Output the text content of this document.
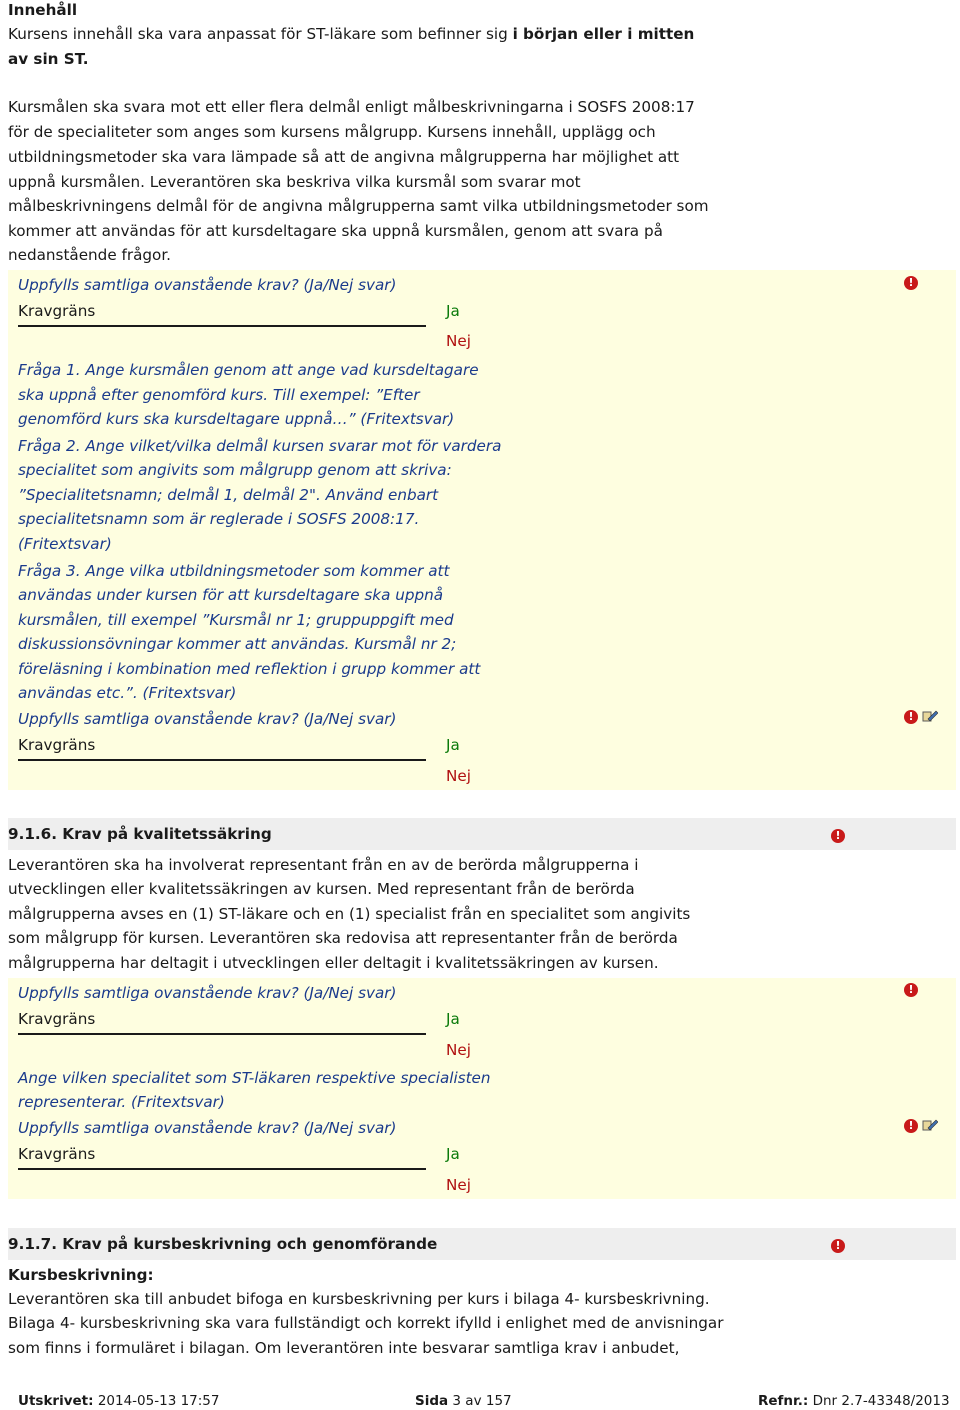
Innehåll
Kursens innehåll ska vara anpassat för ST-läkare som befinner sig i början eller i mitten
av sin ST.
Kursmålen ska svara mot ett eller flera delmål enligt målbeskrivningarna i SOSFS 2008:17
för de specialiteter som anges som kursens målgrupp. Kursens innehåll, upplägg och
utbildningsmetoder ska vara lämpade så att de angivna målgrupperna har möjlighet att
uppnå kursmålen. Leverantören ska beskriva vilka kursmål som svarar mot
målbeskrivningens delmål för de angivna målgrupperna samt vilka utbildningsmetoder som
kommer att användas för att kursdeltagare ska uppnå kursmålen, genom att svara på
nedanstående frågor.
Uppfylls samtliga ovanstående krav? (Ja/Nej svar)	!
Kravgräns	Ja
Nej
Fråga 1. Ange kursmålen genom att ange vad kursdeltagare
ska uppnå efter genomförd kurs. Till exempel: ”Efter
genomförd kurs ska kursdeltagare uppnå…” (Fritextsvar)
Fråga 2. Ange vilket/vilka delmål kursen svarar mot för vardera
specialitet som angivits som målgrupp genom att skriva:
”Specialitetsnamn; delmål 1, delmål 2". Använd enbart
specialitetsnamn som är reglerade i SOSFS 2008:17.
(Fritextsvar)
Fråga 3. Ange vilka utbildningsmetoder som kommer att
användas under kursen för att kursdeltagare ska uppnå
kursmålen, till exempel ”Kursmål nr 1; gruppuppgift med
diskussionsövningar kommer att användas. Kursmål nr 2;
föreläsning i kombination med reflektion i grupp kommer att
användas etc.”. (Fritextsvar)
Uppfylls samtliga ovanstående krav? (Ja/Nej svar)	!
Kravgräns	Ja
Nej
9.1.6. Krav på kvalitetssäkring	!
Leverantören ska ha involverat representant från en av de berörda målgrupperna i
utvecklingen eller kvalitetssäkringen av kursen. Med representant från de berörda
målgrupperna avses en (1) ST-läkare och en (1) specialist från en specialitet som angivits
som målgrupp för kursen. Leverantören ska redovisa att representanter från de berörda
målgrupperna har deltagit i utvecklingen eller deltagit i kvalitetssäkringen av kursen.
Uppfylls samtliga ovanstående krav? (Ja/Nej svar)	!
Kravgräns	Ja
Nej
Ange vilken specialitet som ST-läkaren respektive specialisten
representerar. (Fritextsvar)
Uppfylls samtliga ovanstående krav? (Ja/Nej svar)	!
Kravgräns	Ja
Nej
9.1.7. Krav på kursbeskrivning och genomförande	!
Kursbeskrivning:
Leverantören ska till anbudet bifoga en kursbeskrivning per kurs i bilaga 4- kursbeskrivning.
Bilaga 4- kursbeskrivning ska vara fullständigt och korrekt ifylld i enlighet med de anvisningar
som finns i formuläret i bilagan. Om leverantören inte besvarar samtliga krav i anbudet,
Utskrivet: 2014-05-13 17:57	Sida 3 av 157	Refnr.: Dnr 2.7-43348/2013
